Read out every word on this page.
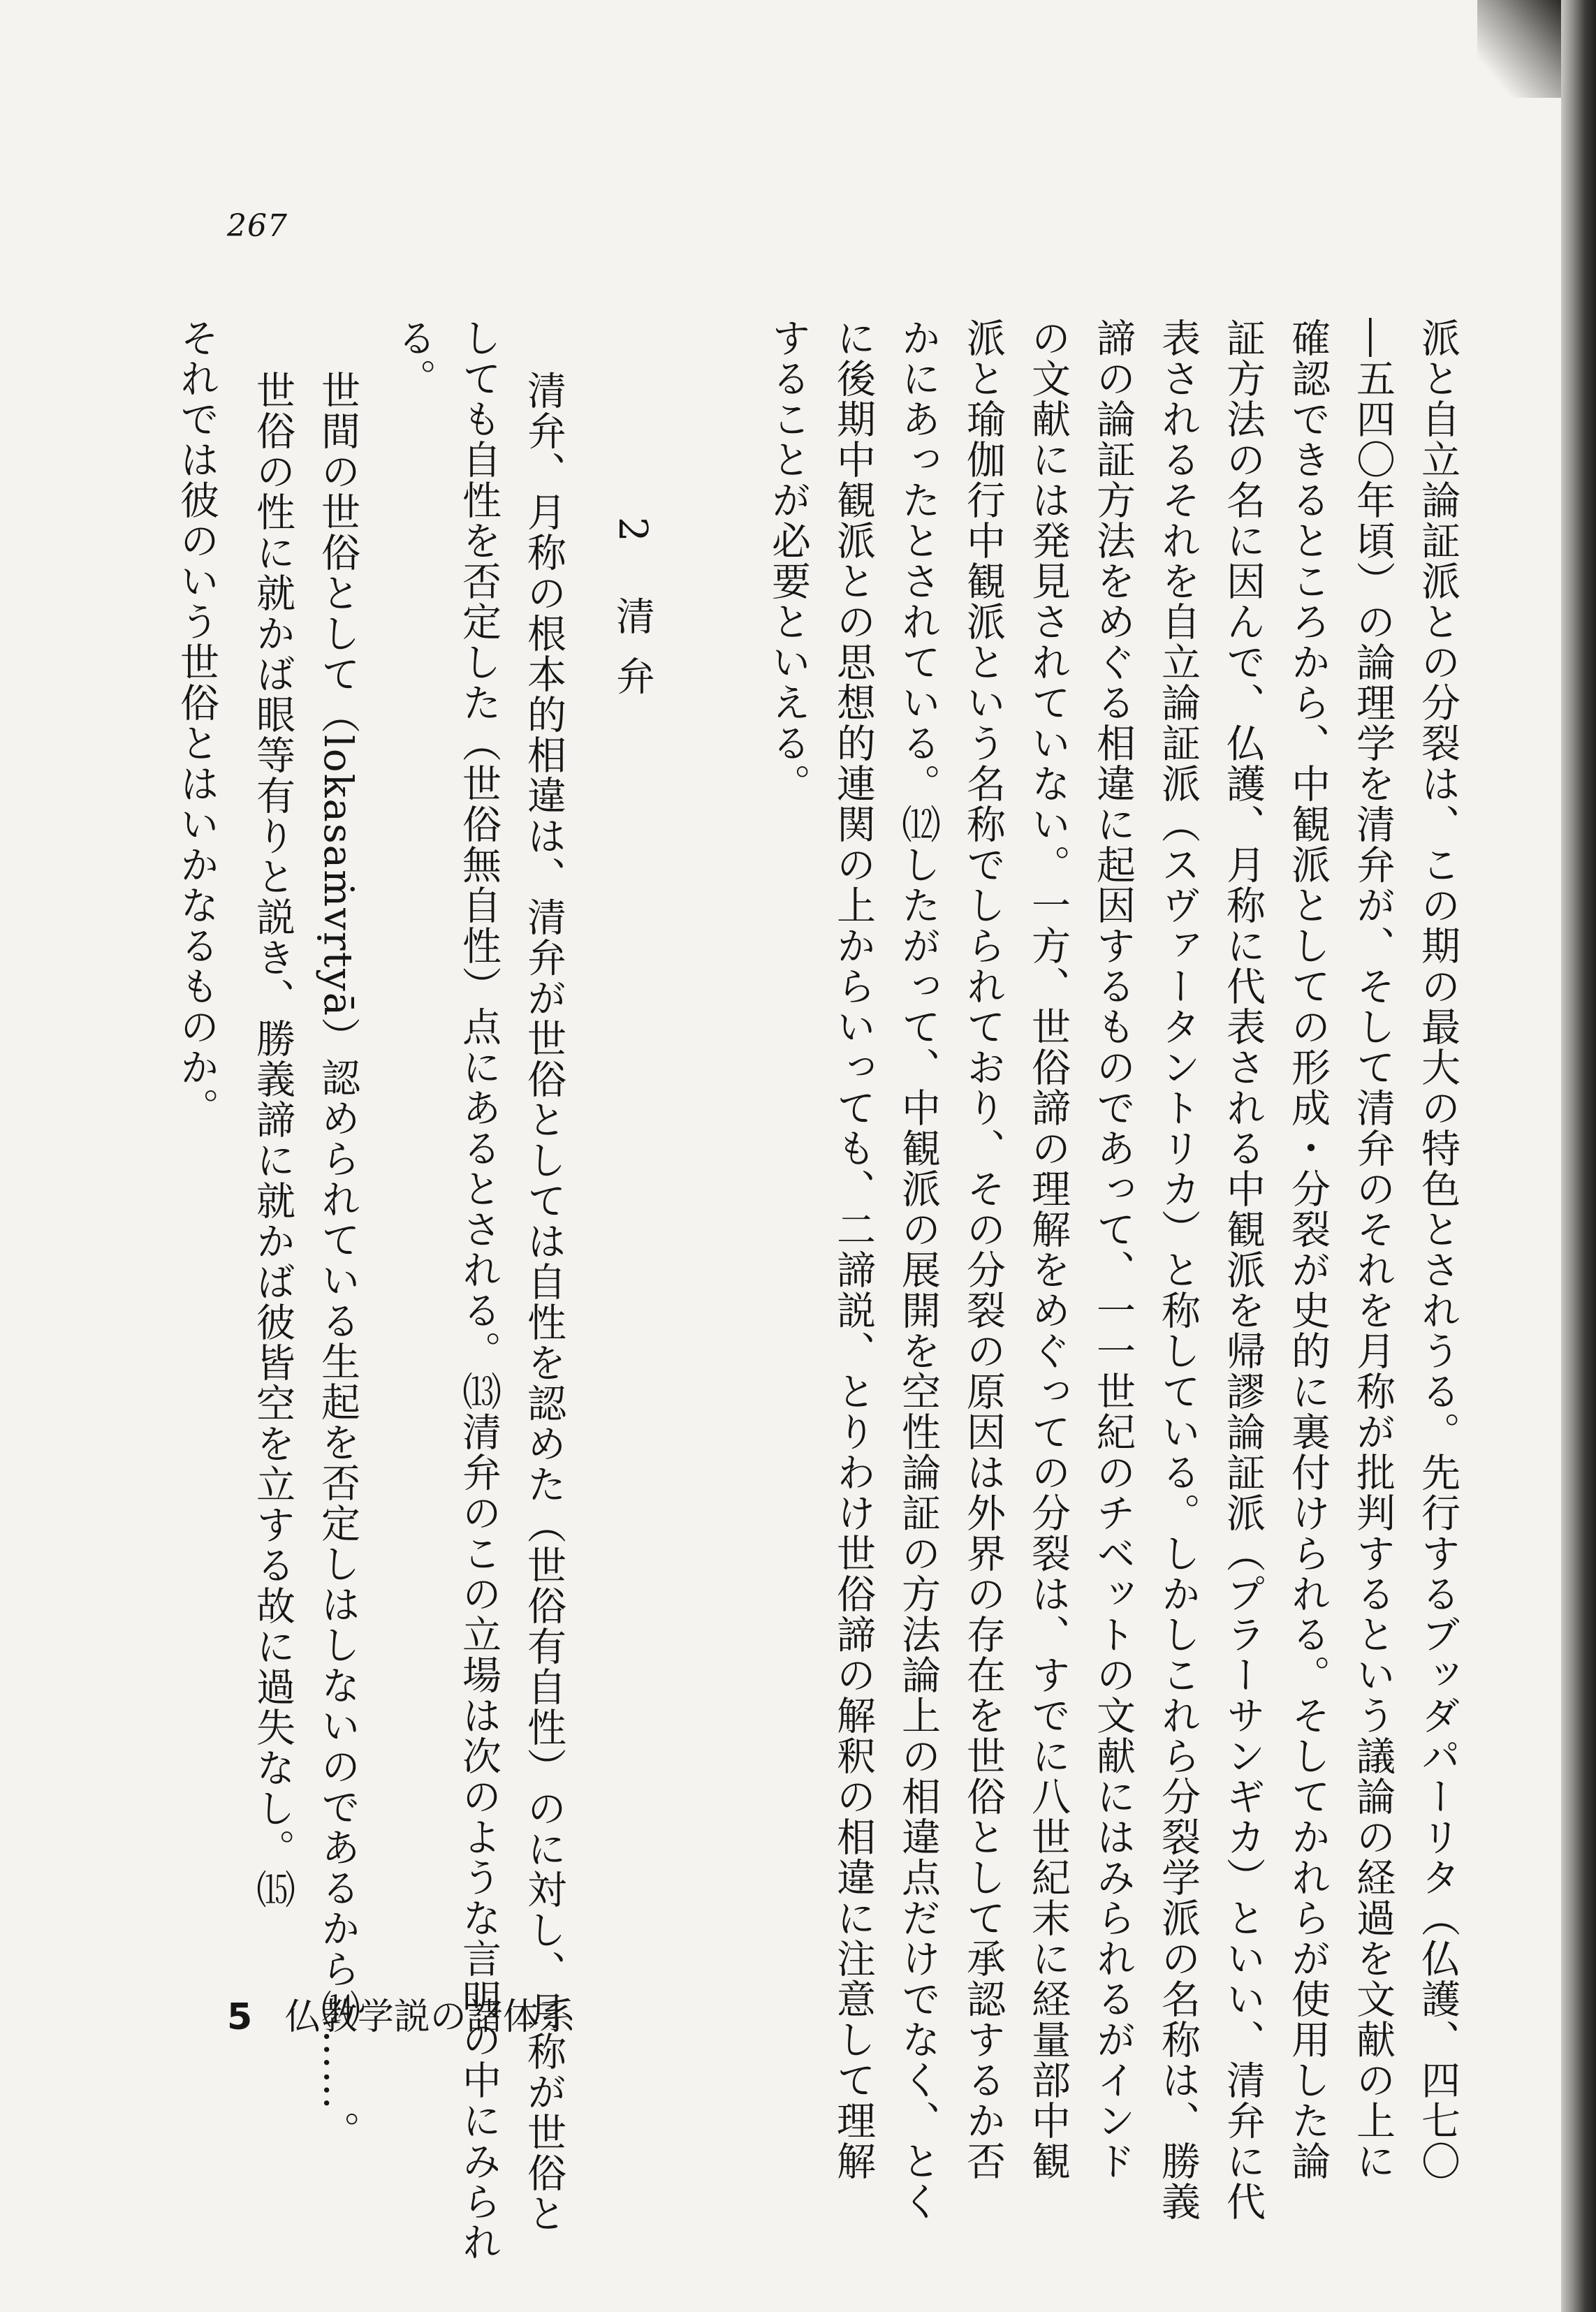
267
派と自立論証派との分裂は、この期の最大の特色とされうる。先行するブッダパーリタ（仏護、四七〇
―五四〇年頃）の論理学を清弁が、そして清弁のそれを月称が批判するという議論の経過を文献の上に
確認できるところから、中観派としての形成・分裂が史的に裏付けられる。そしてかれらが使用した論
証方法の名に因んで、仏護、月称に代表される中観派を帰謬論証派（プラーサンギカ）といい、清弁に代
表されるそれを自立論証派（スヴァータントリカ）と称している。しかしこれら分裂学派の名称は、勝義
諦の論証方法をめぐる相違に起因するものであって、一一世紀のチベットの文献にはみられるがインド
の文献には発見されていない。一方、世俗諦の理解をめぐっての分裂は、すでに八世紀末に経量部中観
派と瑜伽行中観派という名称でしられており、その分裂の原因は外界の存在を世俗として承認するか否
かにあったとされている。⑿したがって、中観派の展開を空性論証の方法論上の相違点だけでなく、とく
に後期中観派との思想的連関の上からいっても、二諦説、とりわけ世俗諦の解釈の相違に注意して理解
することが必要といえる。
清弁、月称の根本的相違は、清弁が世俗としては自性を認めた（世俗有自性）のに対し、月称が世俗と
しても自性を否定した（世俗無自性）点にあるとされる。⒀清弁のこの立場は次のような言明の中にみられ
る。
世間の世俗として（lokasaṁvṛtyā）認められている生起を否定しはしないのであるから⒁……。
世俗の性に就かば眼等有りと説き、勝義諦に就かば彼皆空を立する故に過失なし。⒂
それでは彼のいう世俗とはいかなるものか。	2 清弁
5 仏教学説の諸体系
